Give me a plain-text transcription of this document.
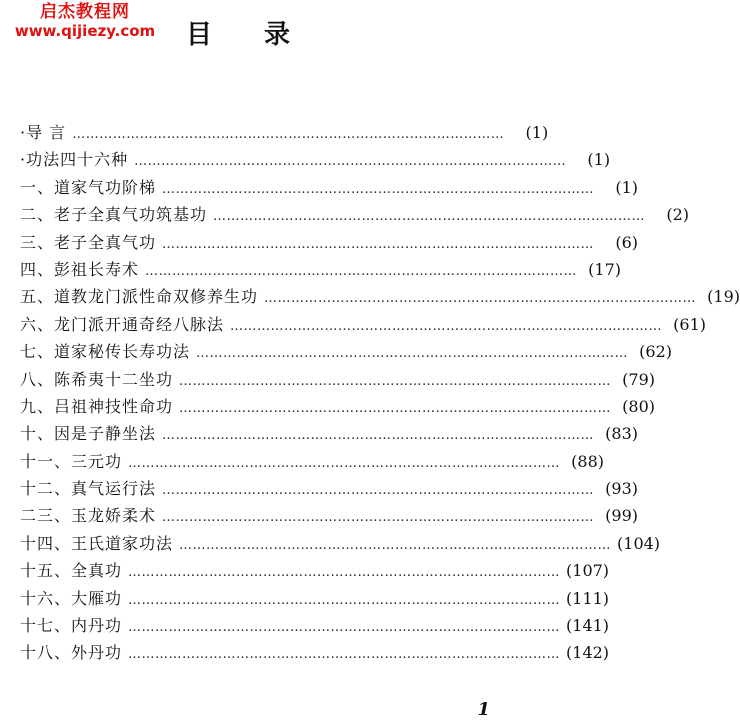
启杰教程网
www.qijiezy.com	目录
·导 言 ……………………………………………………………………………………	(1)
·功法四十六种 ……………………………………………………………………………………	(1)
一、道家气功阶梯 ……………………………………………………………………………………	(1)
二、老子全真气功筑基功 ……………………………………………………………………………………	(2)
三、老子全真气功 ……………………………………………………………………………………	(6)
四、彭祖长寿术 …………………………………………………………………………………… (17)
五、道教龙门派性命双修养生功 …………………………………………………………………………………… (19)
六、龙门派开通奇经八脉法 …………………………………………………………………………………… (61)
七、道家秘传长寿功法 …………………………………………………………………………………… (62)
八、陈希夷十二坐功 …………………………………………………………………………………… (79)
九、吕祖神技性命功 …………………………………………………………………………………… (80)
十、因是子静坐法 …………………………………………………………………………………… (83)
十一、三元功 …………………………………………………………………………………… (88)
十二、真气运行法 …………………………………………………………………………………… (93)
二三、玉龙娇柔术 …………………………………………………………………………………… (99)
十四、王氏道家功法 …………………………………………………………………………………… (104)
十五、全真功 …………………………………………………………………………………… (107)
十六、大雁功 …………………………………………………………………………………… (111)
十七、内丹功 …………………………………………………………………………………… (141)
十八、外丹功 …………………………………………………………………………………… (142)
1
